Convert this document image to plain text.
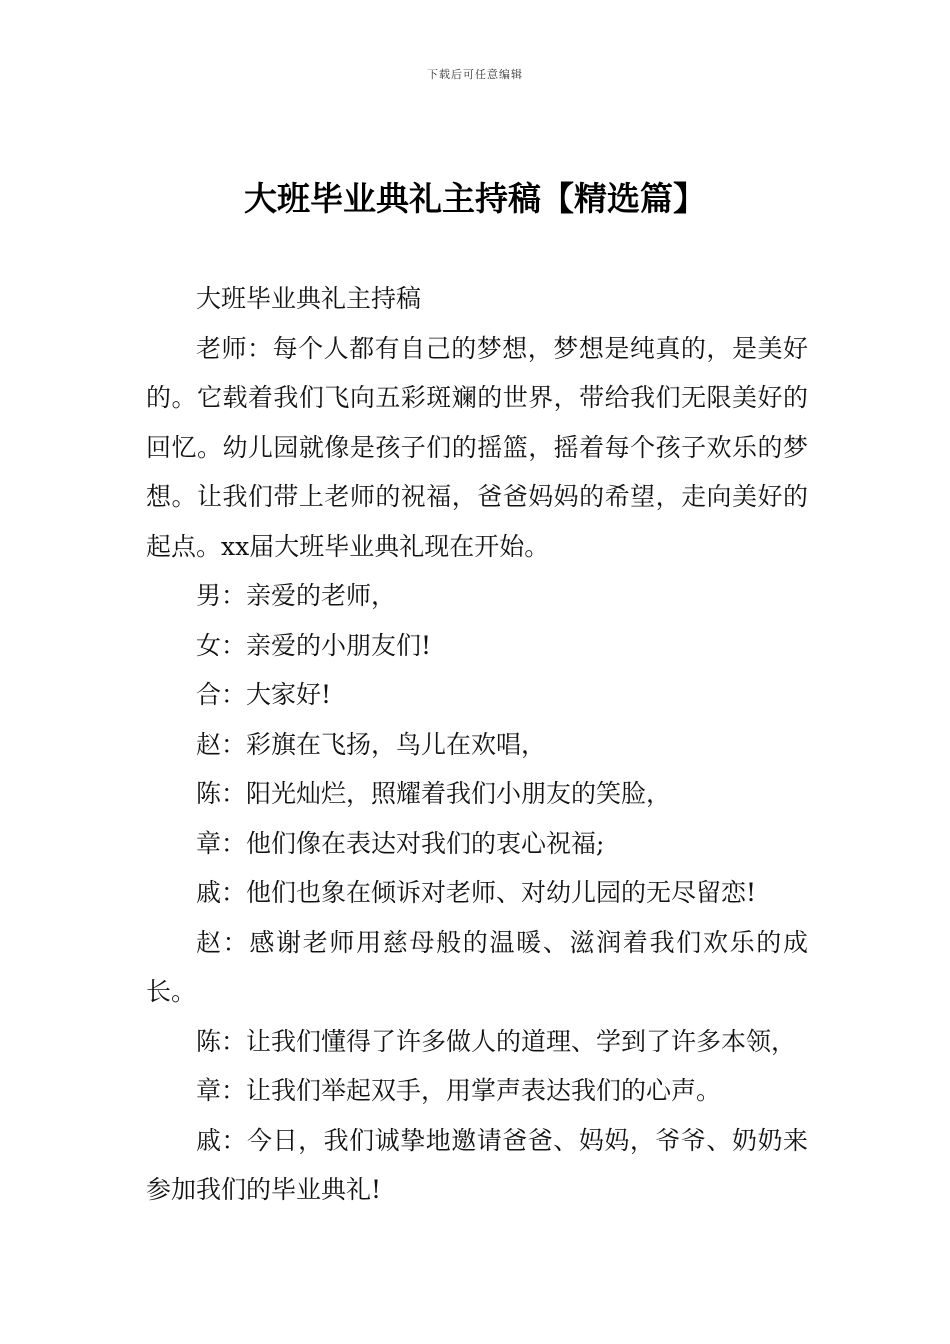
下载后可任意编辑
大班毕业典礼主持稿【精选篇】

大班毕业典礼主持稿

老师：每个人都有自己的梦想，梦想是纯真的，是美好的。它载着我们飞向五彩斑斓的世界，带给我们无限美好的回忆。幼儿园就像是孩子们的摇篮，摇着每个孩子欢乐的梦想。让我们带上老师的祝福，爸爸妈妈的希望，走向美好的起点。xx届大班毕业典礼现在开始。

男：亲爱的老师，

女：亲爱的小朋友们!

合：大家好!

赵：彩旗在飞扬，鸟儿在欢唱，

陈：阳光灿烂，照耀着我们小朋友的笑脸，

章：他们像在表达对我们的衷心祝福;

戚：他们也象在倾诉对老师、对幼儿园的无尽留恋!

赵：感谢老师用慈母般的温暖、滋润着我们欢乐的成长。

陈：让我们懂得了许多做人的道理、学到了许多本领，

章：让我们举起双手，用掌声表达我们的心声。

戚：今日，我们诚挚地邀请爸爸、妈妈，爷爷、奶奶来参加我们的毕业典礼!
